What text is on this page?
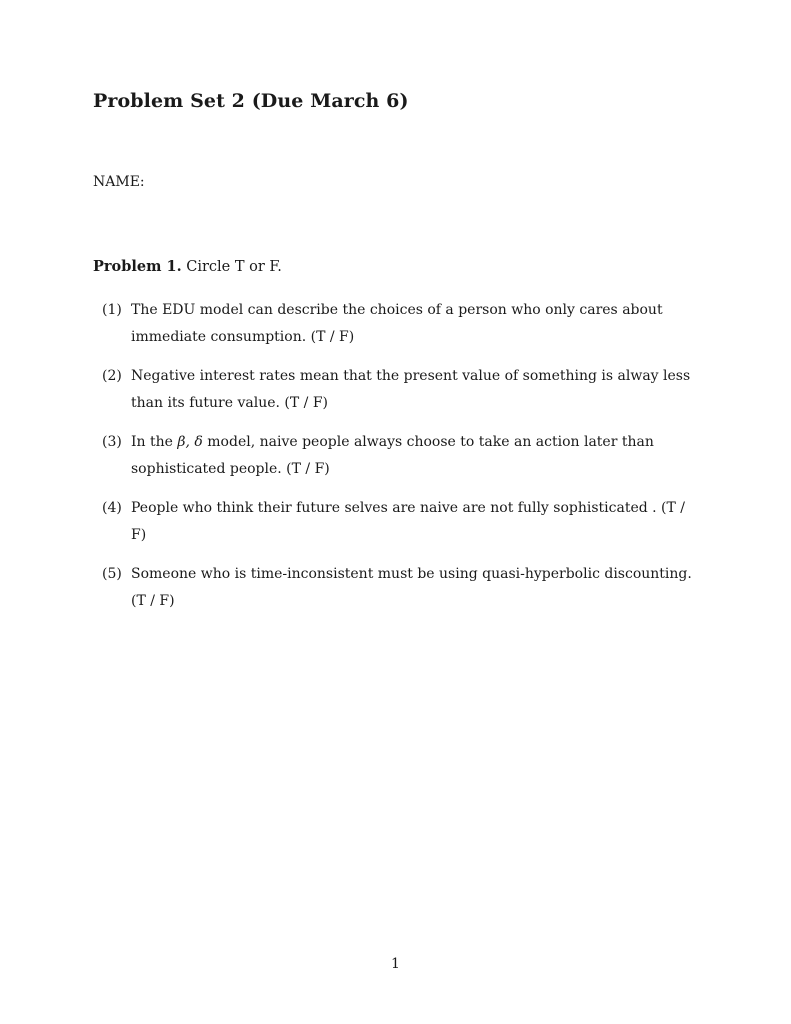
Problem Set 2 (Due March 6)
NAME:
Problem 1. Circle T or F.
(1) The EDU model can describe the choices of a person who only cares about immediate consumption. (T / F)
(2) Negative interest rates mean that the present value of something is alway less than its future value. (T / F)
(3) In the β, δ model, naive people always choose to take an action later than sophisticated people. (T / F)
(4) People who think their future selves are naive are not fully sophisticated . (T / F)
(5) Someone who is time-inconsistent must be using quasi-hyperbolic discounting. (T / F)
1
